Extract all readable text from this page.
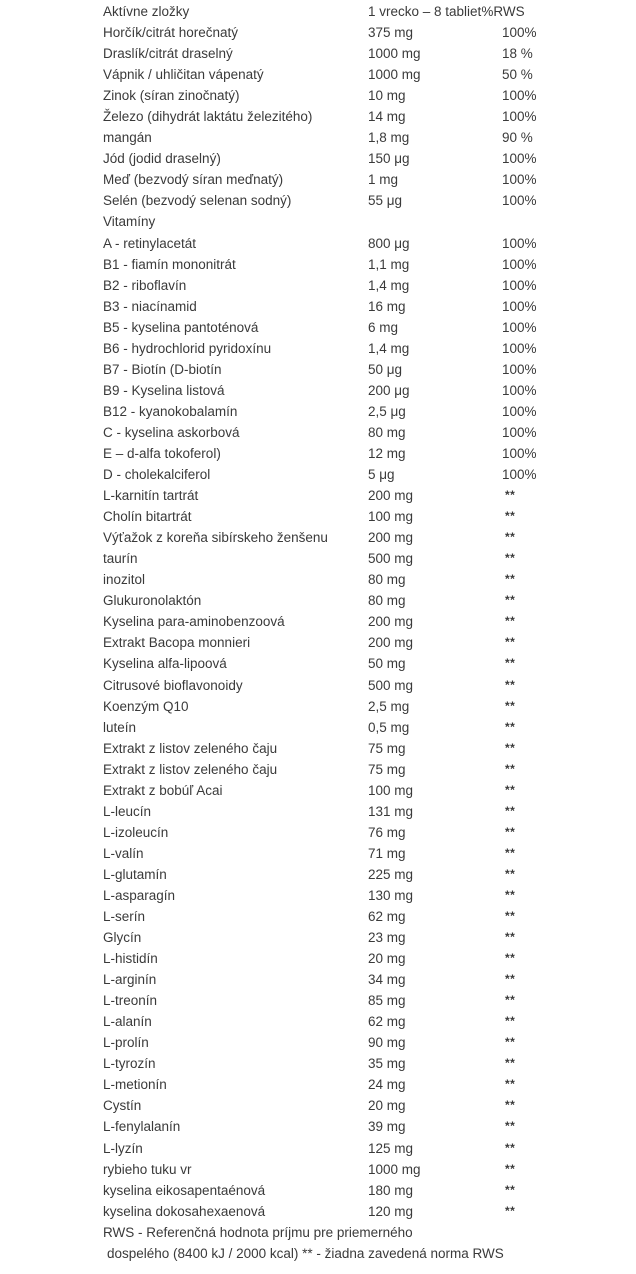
Aktívne zložky	1 vrecko – 8 tabliet%RWS
Horčík/citrát horečnatý	375 mg	100%
Draslík/citrát draselný	1000 mg	18 %
Vápnik / uhličitan vápenatý	1000 mg	50 %
Zinok (síran zinočnatý)	10 mg	100%
Železo (dihydrát laktátu železitého)	14 mg	100%
mangán	1,8 mg	90 %
Jód (jodid draselný)	150 μg	100%
Meď (bezvodý síran meďnatý)	1 mg	100%
Selén (bezvodý selenan sodný)	55 μg	100%
Vitamíny
A - retinylacetát	800 μg	100%
B1 - fiamín mononitrát	1,1 mg	100%
B2 - riboflavín	1,4 mg	100%
B3 - niacínamid	16 mg	100%
B5 - kyselina pantoténová	6 mg	100%
B6 - hydrochlorid pyridoxínu	1,4 mg	100%
B7 - Biotín (D-biotín	50 μg	100%
B9 - Kyselina listová	200 μg	100%
B12 - kyanokobalamín	2,5 μg	100%
C - kyselina askorbová	80 mg	100%
E – d-alfa tokoferol)	12 mg	100%
D - cholekalciferol	5 μg	100%
L-karnitín tartrát	200 mg	**
Cholín bitartrát	100 mg	**
Výťažok z koreňa sibírskeho ženšenu	200 mg	**
taurín	500 mg	**
inozitol	80 mg	**
Glukuronolaktón	80 mg	**
Kyselina para-aminobenzoová	200 mg	**
Extrakt Bacopa monnieri	200 mg	**
Kyselina alfa-lipoová	50 mg	**
Citrusové bioflavonoidy	500 mg	**
Koenzým Q10	2,5 mg	**
luteín	0,5 mg	**
Extrakt z listov zeleného čaju	75 mg	**
Extrakt z listov zeleného čaju	75 mg	**
Extrakt z bobúľ Acai	100 mg	**
L-leucín	131 mg	**
L-izoleucín	76 mg	**
L-valín	71 mg	**
L-glutamín	225 mg	**
L-asparagín	130 mg	**
L-serín	62 mg	**
Glycín	23 mg	**
L-histidín	20 mg	**
L-arginín	34 mg	**
L-treonín	85 mg	**
L-alanín	62 mg	**
L-prolín	90 mg	**
L-tyrozín	35 mg	**
L-metionín	24 mg	**
Cystín	20 mg	**
L-fenylalanín	39 mg	**
L-lyzín	125 mg	**
rybieho tuku vr	1000 mg	**
kyselina eikosapentaénová	180 mg	**
kyselina dokosahexaenová	120 mg	**
RWS - Referenčná hodnota príjmu pre priemerného
dospelého (8400 kJ / 2000 kcal) ** - žiadna zavedená norma RWS
